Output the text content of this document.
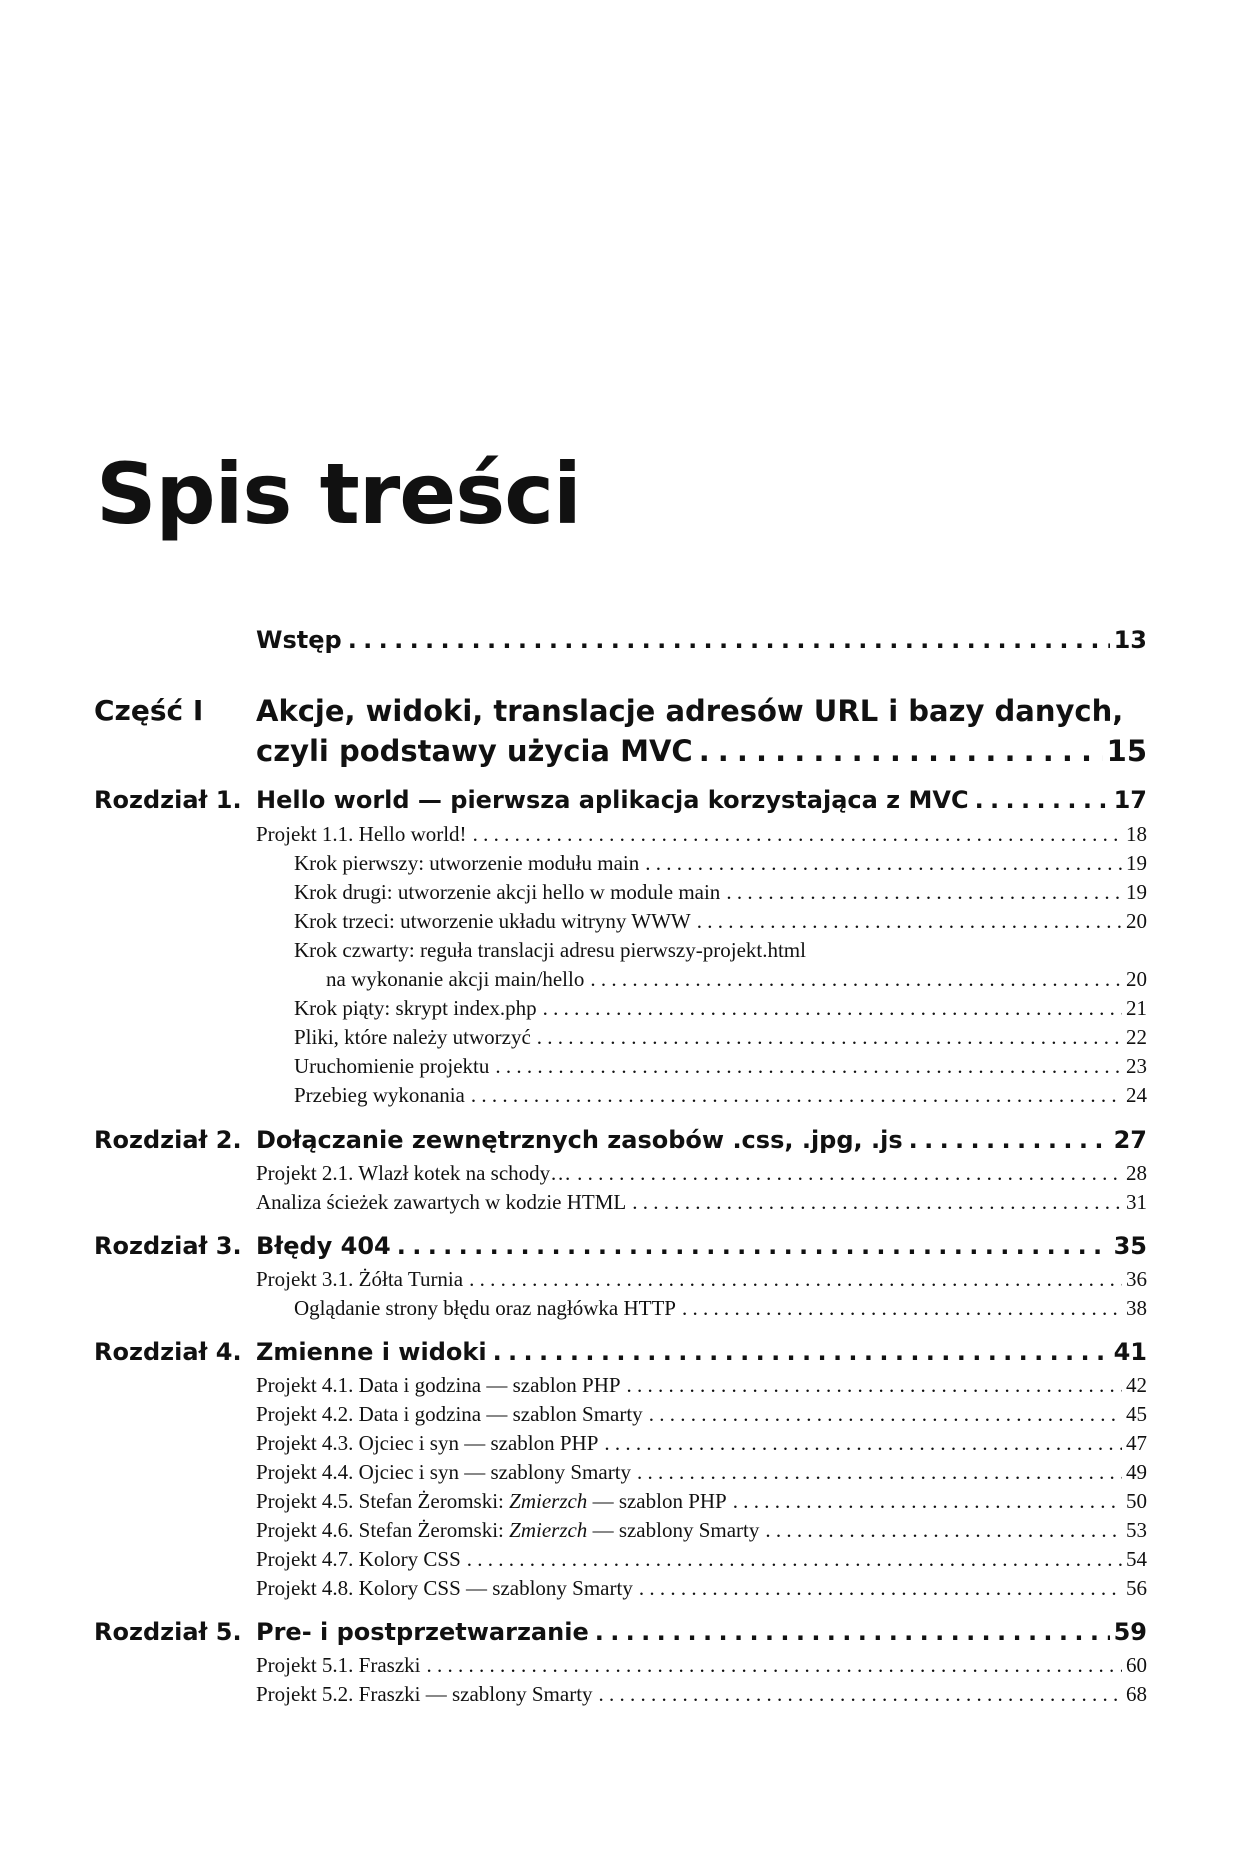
Spis treści
Wstęp . . .	13
Część I Akcje, widoki, translacje adresów URL i bazy danych,
czyli podstawy użycia MVC . . .	15
Rozdział 1. Hello world — pierwsza aplikacja korzystająca z MVC . . .	17
Projekt 1.1. Hello world! . . .	18
Krok pierwszy: utworzenie modułu main . . .	19
Krok drugi: utworzenie akcji hello w module main . . .	19
Krok trzeci: utworzenie układu witryny WWW . . .	20
Krok czwarty: reguła translacji adresu pierwszy-projekt.html
na wykonanie akcji main/hello . . .	20
Krok piąty: skrypt index.php . . .	21
Pliki, które należy utworzyć . . .	22
Uruchomienie projektu . . .	23
Przebieg wykonania . . .	24
Rozdział 2. Dołączanie zewnętrznych zasobów .css, .jpg, .js . . .	27
Projekt 2.1. Wlazł kotek na schody… . . .	28
Analiza ścieżek zawartych w kodzie HTML . . .	31
Rozdział 3. Błędy 404 . . .	35
Projekt 3.1. Żółta Turnia . . .	36
Oglądanie strony błędu oraz nagłówka HTTP . . .	38
Rozdział 4. Zmienne i widoki . . .	41
Projekt 4.1. Data i godzina — szablon PHP . . .	42
Projekt 4.2. Data i godzina — szablon Smarty . . .	45
Projekt 4.3. Ojciec i syn — szablon PHP . . .	47
Projekt 4.4. Ojciec i syn — szablony Smarty . . .	49
Projekt 4.5. Stefan Żeromski: Zmierzch — szablon PHP . . .	50
Projekt 4.6. Stefan Żeromski: Zmierzch — szablony Smarty . . .	53
Projekt 4.7. Kolory CSS . . .	54
Projekt 4.8. Kolory CSS — szablony Smarty . . .	56
Rozdział 5. Pre- i postprzetwarzanie . . .	59
Projekt 5.1. Fraszki . . .	60
Projekt 5.2. Fraszki — szablony Smarty . . .	68
